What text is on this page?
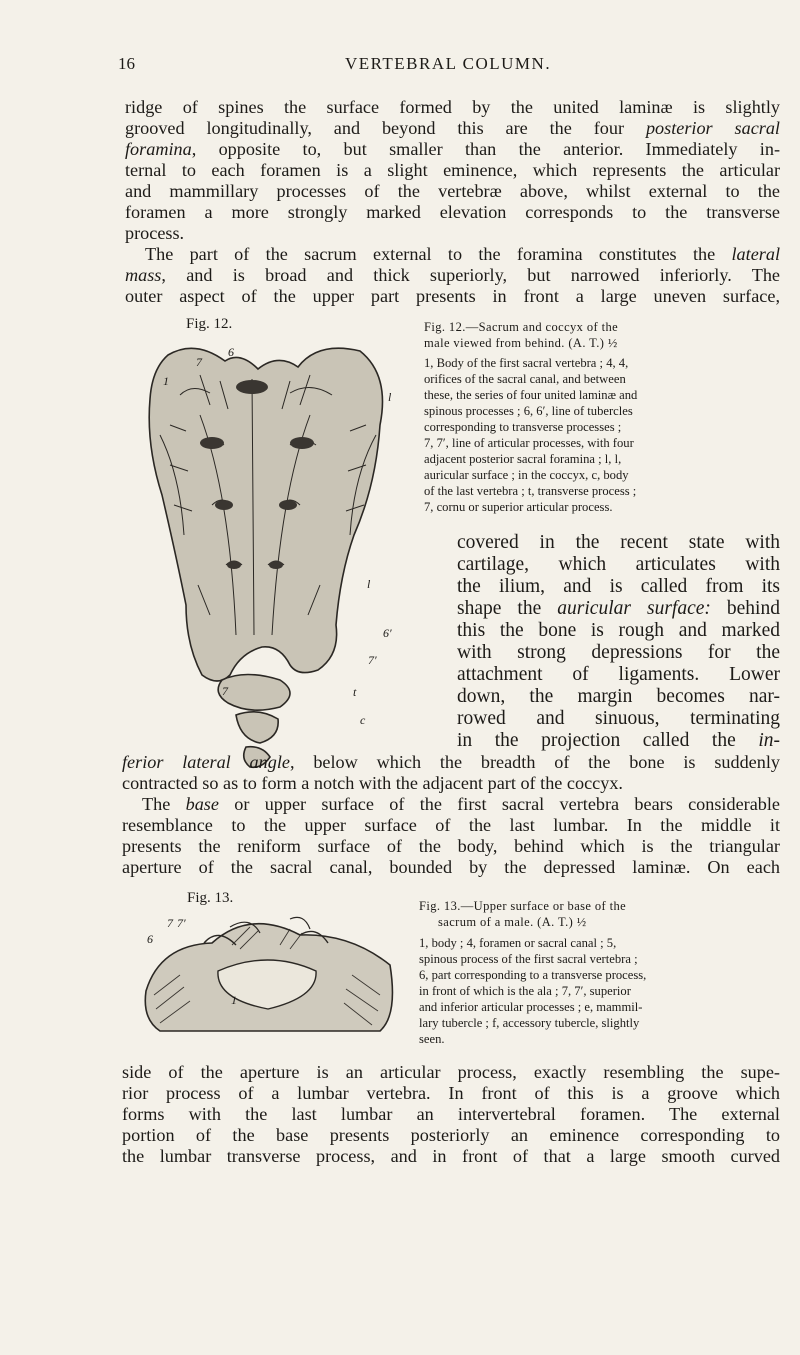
16	VERTEBRAL COLUMN.

ridge of spines the surface formed by the united laminæ is slightly

grooved longitudinally, and beyond this are the four posterior sacral

foramina, opposite to, but smaller than the anterior. Immediately in-

ternal to each foramen is a slight eminence, which represents the articular

and mammillary processes of the vertebræ above, whilst external to the

foramen a more strongly marked elevation corresponds to the transverse

process.

The part of the sacrum external to the foramina constitutes the lateral

mass, and is broad and thick superiorly, but narrowed inferiorly. The

outer aspect of the upper part presents in front a large uneven surface,

Fig. 12.
6
7
1
l
l
6′
7′
7	t
c

Fig. 12.—Sacrum and coccyx of the

male viewed from behind. (A. T.) ½

1, Body of the first sacral vertebra ; 4, 4,

orifices of the sacral canal, and between

these, the series of four united laminæ and

spinous processes ; 6, 6′, line of tubercles

corresponding to transverse processes ;

7, 7′, line of articular processes, with four

adjacent posterior sacral foramina ; l, l,

auricular surface ; in the coccyx, c, body

of the last vertebra ; t, transverse process ;

7, cornu or superior articular process.

covered in the recent state with

cartilage, which articulates with

the ilium, and is called from its

shape the auricular surface: behind

this the bone is rough and marked

with strong depressions for the

attachment of ligaments. Lower

down, the margin becomes nar-

rowed and sinuous, terminating

in the projection called the in-

ferior lateral angle, below which the breadth of the bone is suddenly

contracted so as to form a notch with the adjacent part of the coccyx.

The base or upper surface of the first sacral vertebra bears considerable

resemblance to the upper surface of the last lumbar. In the middle it

presents the reniform surface of the body, behind which is the triangular

aperture of the sacral canal, bounded by the depressed laminæ. On each

Fig. 13.
7 7′
6
1

Fig. 13.—Upper surface or base of the

sacrum of a male. (A. T.) ½

1, body ; 4, foramen or sacral canal ; 5,

spinous process of the first sacral vertebra ;

6, part corresponding to a transverse process,

in front of which is the ala ; 7, 7′, superior

and inferior articular processes ; e, mammil-

lary tubercle ; f, accessory tubercle, slightly

seen.

side of the aperture is an articular process, exactly resembling the supe-

rior process of a lumbar vertebra. In front of this is a groove which

forms with the last lumbar an intervertebral foramen. The external

portion of the base presents posteriorly an eminence corresponding to

the lumbar transverse process, and in front of that a large smooth curved
